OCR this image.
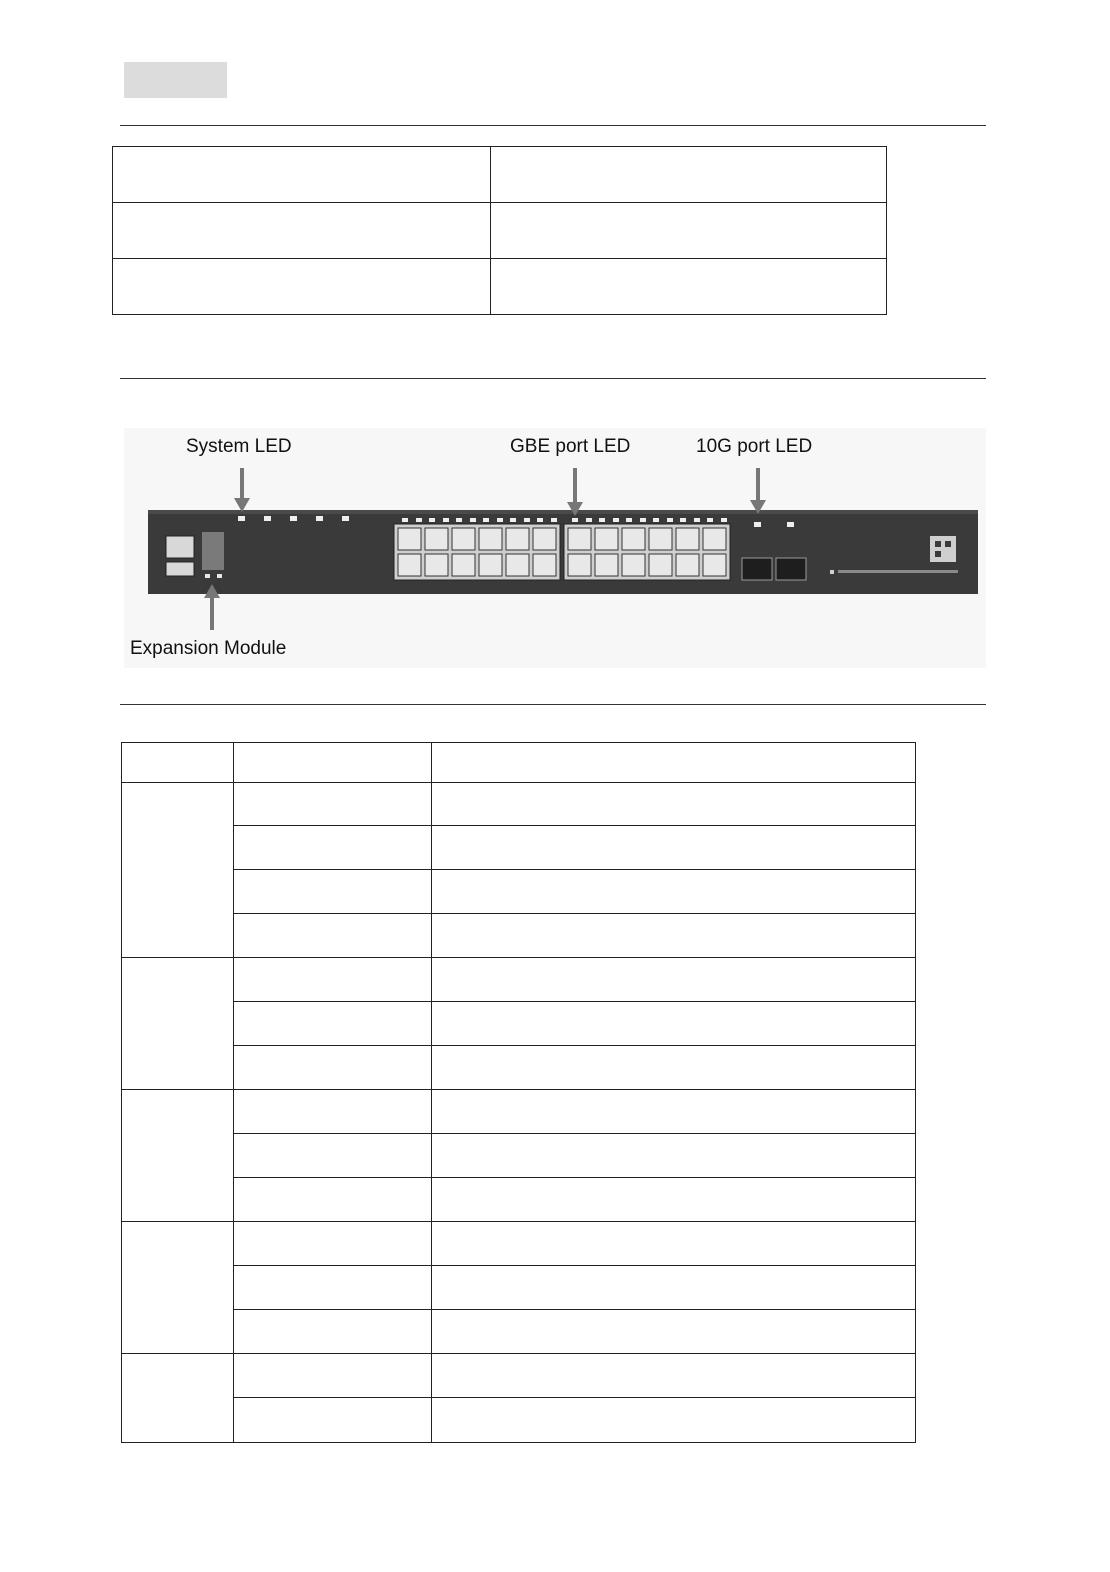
System LED	GBE port LED	10G port LED
Expansion Module
